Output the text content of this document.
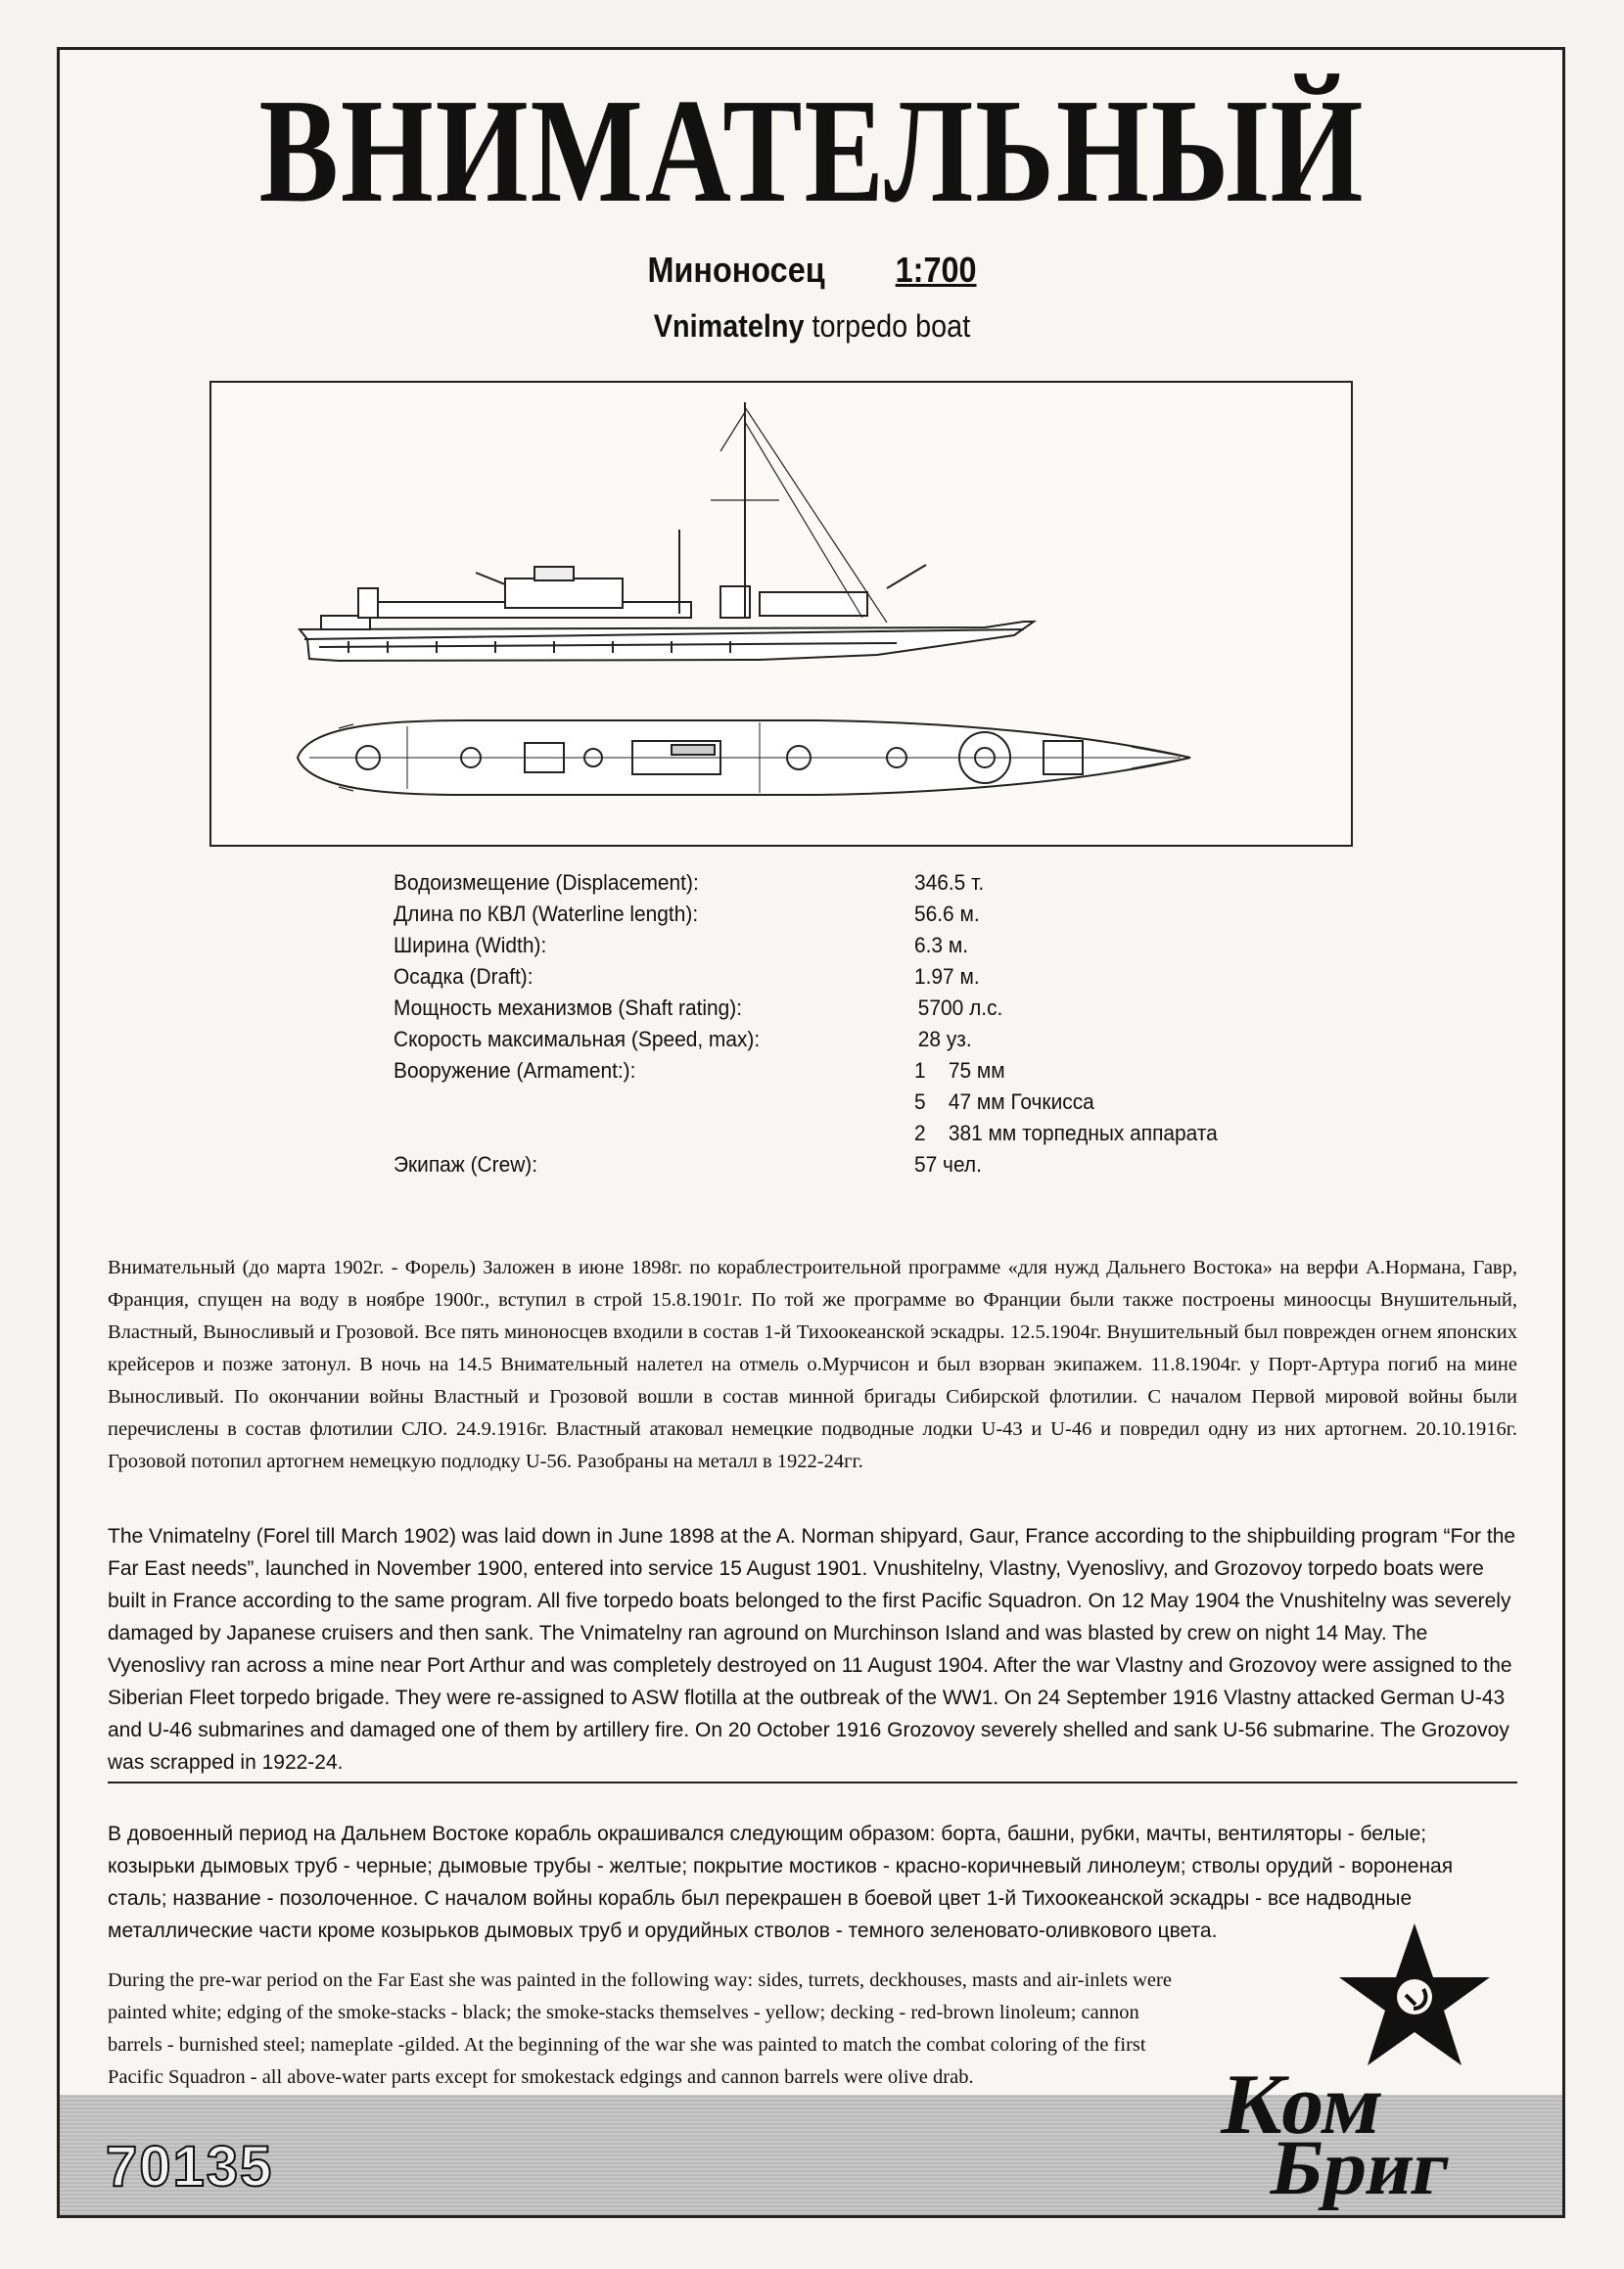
ВНИМАТЕЛЬНЫЙ
Миноносец 1:700
Vnimatelny torpedo boat
Водоизмещение (Displacement):	346.5 т.
Длина по КВЛ (Waterline length):	56.6 м.
Ширина (Width):	6.3 м.
Осадка (Draft):	1.97 м.
Мощность механизмов (Shaft rating):	5700 л.с.
Скорость максимальная (Speed, max):	28 уз.
Вооружение (Armament:):	1    75 мм
5    47 мм Гочкисса
2    381 мм торпедных аппарата
Экипаж (Crew):	57 чел.

Внимательный (до марта 1902г. - Форель) Заложен в июне 1898г. по кораблестроительной программе «для нужд Дальнего Востока» на верфи А.Нормана, Гавр, Франция, спущен на воду в ноябре 1900г., вступил в строй 15.8.1901г. По той же программе во Франции были также построены миноосцы Внушительный, Властный, Выносливый и Грозовой. Все пять миноносцев входили в состав 1-й Тихоокеанской эскадры. 12.5.1904г. Внушительный был поврежден огнем японских крейсеров и позже затонул. В ночь на 14.5 Внимательный налетел на отмель о.Мурчисон и был взорван экипажем. 11.8.1904г. у Порт-Артура погиб на мине Выносливый. По окончании войны Властный и Грозовой вошли в состав минной бригады Сибирской флотилии. С началом Первой мировой войны были перечислены в состав флотилии СЛО. 24.9.1916г. Властный атаковал немецкие подводные лодки U-43 и U-46 и повредил одну из них артогнем. 20.10.1916г. Грозовой потопил артогнем немецкую подлодку U-56. Разобраны на металл в 1922-24гг.

The Vnimatelny (Forel till March 1902) was laid down in June 1898 at the A. Norman shipyard, Gaur, France according to the shipbuilding program “For the Far East needs”, launched in November 1900, entered into service 15 August 1901. Vnushitelny, Vlastny, Vyenoslivy, and Grozovoy torpedo boats were built in France according to the same program. All five torpedo boats belonged to the first Pacific Squadron. On 12 May 1904 the Vnushitelny was severely damaged by Japanese cruisers and then sank. The Vnimatelny ran aground on Murchinson Island and was blasted by crew on night 14 May. The Vyenoslivy ran across a mine near Port Arthur and was completely destroyed on 11 August 1904. After the war Vlastny and Grozovoy were assigned to the Siberian Fleet torpedo brigade. They were re-assigned to ASW flotilla at the outbreak of the WW1. On 24 September 1916 Vlastny attacked German U-43 and U-46 submarines and damaged one of them by artillery fire. On 20 October 1916 Grozovoy severely shelled and sank U-56 submarine. The Grozovoy was scrapped in 1922-24.

В довоенный период на Дальнем Востоке корабль окрашивался следующим образом: борта, башни, рубки, мачты, вентиляторы - белые; козырьки дымовых труб - черные; дымовые трубы - желтые; покрытие мостиков - красно-коричневый линолеум; стволы орудий - вороненая сталь; название - позолоченное. С началом войны корабль был перекрашен в боевой цвет 1-й Тихоокеанской эскадры - все надводные металлические части кроме козырьков дымовых труб и орудийных стволов - темного зеленовато-оливкового цвета.

During the pre-war period on the Far East she was painted in the following way: sides, turrets, deckhouses, masts and air-inlets were painted white; edging of the smoke-stacks - black; the smoke-stacks themselves - yellow; decking - red-brown linoleum; cannon barrels - burnished steel; nameplate -gilded. At the beginning of the war she was painted to match the combat coloring of the first Pacific Squadron - all above-water parts except for smokestack edgings and cannon barrels were olive drab.

70135
Ком
Бриг
